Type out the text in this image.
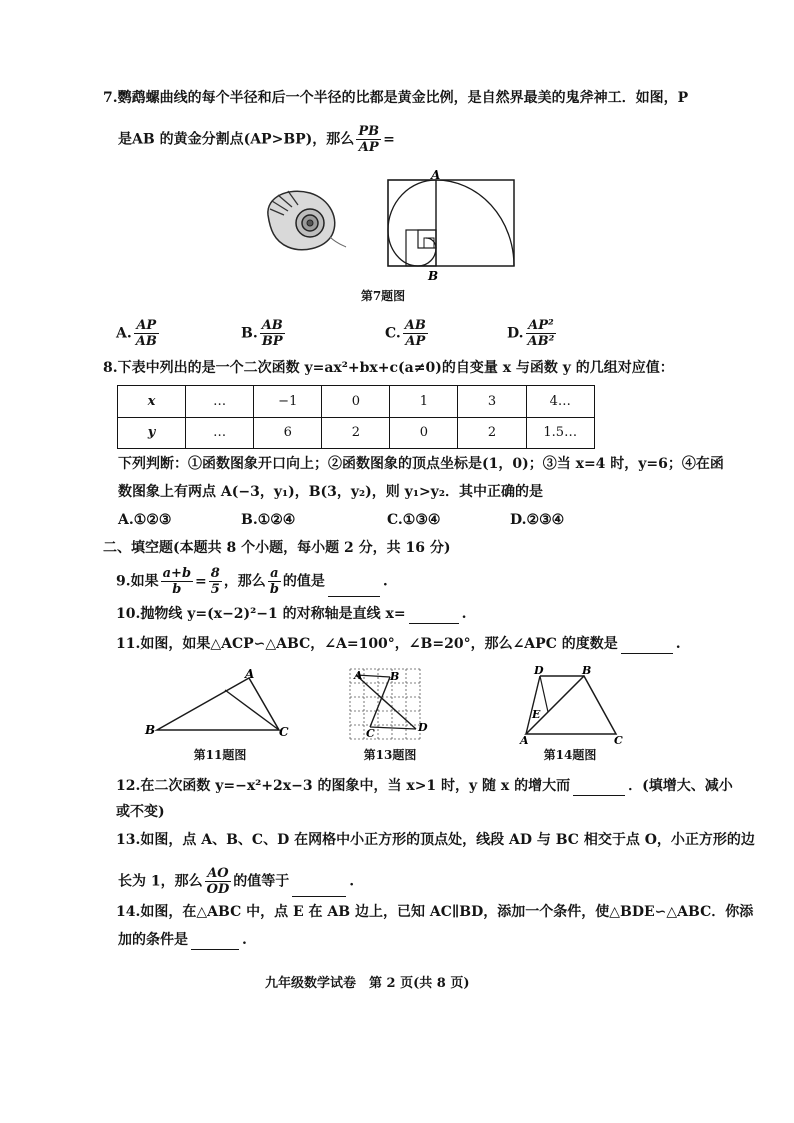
7.鹦鹉螺曲线的每个半径和后一个半径的比都是黄金比例，是自然界最美的鬼斧神工．如图，P
是AB 的黄金分割点(AP>BP)，那么 $\frac{PB}{AP}$ =
A
B
第7题图
A. $\frac{AP}{AB}$	B. $\frac{AB}{BP}$	C. $\frac{AB}{AP}$	D. $\frac{\text{AP²}}{\text{AB²}}$
8.下表中列出的是一个二次函数 y=ax²+bx+c(a≠0)的自变量 x 与函数 y 的几组对应值：
x	…	−1	0	1	3	4…
y	…	6	2	0	2	1.5…
下列判断：①函数图象开口向上；②函数图象的顶点坐标是(1，0)；③当 x=4 时，y=6；④在函
数图象上有两点 A(−3，y₁)，B(3，y₂)，则 y₁>y₂．其中正确的是
A.①②③	B.①②④	C.①③④	D.②③④
二、填空题(本题共 8 个小题，每小题 2 分，共 16 分)
9.如果 $\frac{a+b}{b} = \frac{8}{5}$ ，那么 $\frac{a}{b}$ 的值是	.
10.抛物线 y=(x−2)²−1 的对称轴是直线 x=	.
11.如图，如果△ACP∽△ABC，∠A=100°，∠B=20°，那么∠APC 的度数是	.
A
B	C
第11题图
A B
C	D
第13题图
D	B
E
A	C
第14题图
12.在二次函数 y=−x²+2x−3 的图象中，当 x>1 时，y 随 x 的增大而	．(填增大、减小
或不变)
13.如图，点 A、B、C、D 在网格中小正方形的顶点处，线段 AD 与 BC 相交于点 O，小正方形的边
长为 1，那么 $\frac{AO}{OD}$ 的值等于	.
14.如图，在△ABC 中，点 E 在 AB 边上，已知 AC∥BD，添加一个条件，使△BDE∽△ABC．你添
加的条件是	.
九年级数学试卷　第 2 页(共 8 页)
